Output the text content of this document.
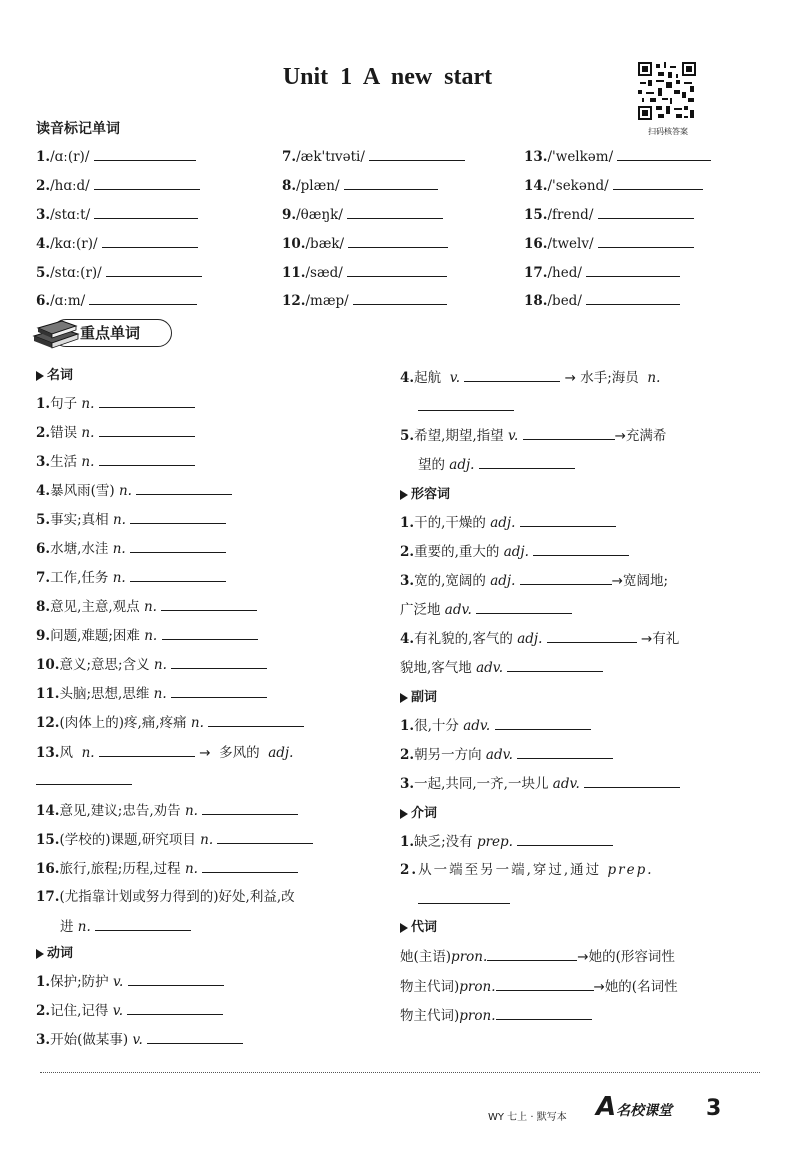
Unit 1 A new start
扫码核答案
读音标记单词
1./ɑː(r)/
2./hɑːd/
3./stɑːt/
4./kɑː(r)/
5./stɑː(r)/
6./ɑːm/
7./æk'tɪvəti/
8./plæn/
9./θæŋk/
10./bæk/
11./sæd/
12./mæp/
13./'welkəm/
14./'sekənd/
15./frend/
16./twelv/
17./hed/
18./bed/
重点单词
名词
1.句子 n.
2.错误 n.
3.生活 n.
4.暴风雨(雪) n.
5.事实;真相 n.
6.水塘,水洼 n.
7.工作,任务 n.
8.意见,主意,观点 n.
9.问题,难题;困难 n.
10.意义;意思;含义 n.
11.头脑;思想,思维 n.
12.(肉体上的)疼,痛,疼痛 n.
13.风 n.	→ 多风的 adj.
14.意见,建议;忠告,劝告 n.
15.(学校的)课题,研究项目 n.
16.旅行,旅程;历程,过程 n.
17.(尤指靠计划或努力得到的)好处,利益,改
进 n.
动词
1.保护;防护 v.
2.记住,记得 v.
3.开始(做某事) v.
4.起航 v.	→ 水手;海员 n.
5.希望,期望,指望 v.	→充满希
望的 adj.
形容词
1.干的,干燥的 adj.
2.重要的,重大的 adj.
3.宽的,宽阔的 adj.	→宽阔地;
广泛地 adv.
4.有礼貌的,客气的 adj.	→有礼
貌地,客气地 adv.
副词
1.很,十分 adv.
2.朝另一方向 adv.
3.一起,共同,一齐,一块儿 adv.
介词
1.缺乏;没有 prep.
2.从一端至另一端,穿过,通过 prep.
代词
她(主语)pron.	→她的(形容词性
物主代词)pron.	→她的(名词性
物主代词)pron.
WY 七上 · 默写本 A名校课堂 3
